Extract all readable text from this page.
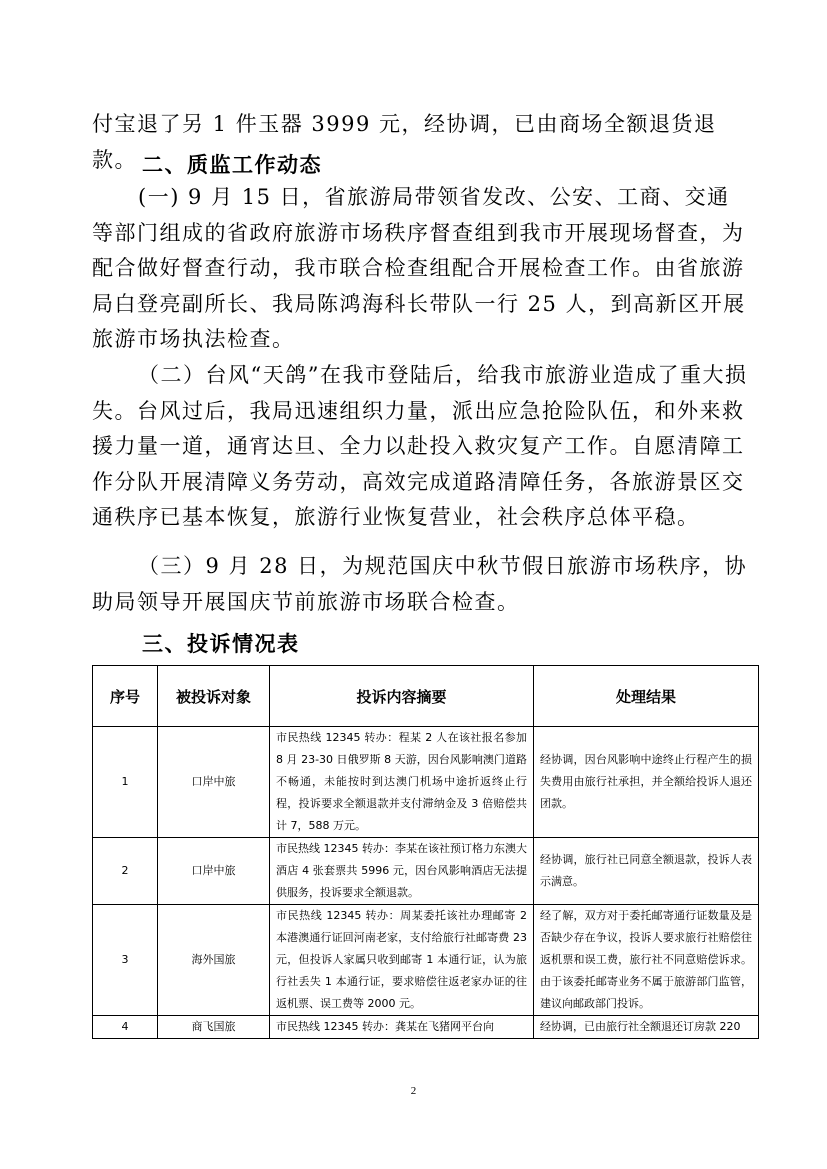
付宝退了另 1 件玉器 3999 元，经协调，已由商场全额退货退款。 二、质监工作动态

(一) 9 月 15 日，省旅游局带领省发改、公安、工商、交通等部门组成的省政府旅游市场秩序督查组到我市开展现场督查，为配合做好督查行动，我市联合检查组配合开展检查工作。由省旅游局白登亮副所长、我局陈鸿海科长带队一行 25 人，到高新区开展旅游市场执法检查。

（二）台风“天鸽”在我市登陆后，给我市旅游业造成了重大损失。台风过后，我局迅速组织力量，派出应急抢险队伍，和外来救援力量一道，通宵达旦、全力以赴投入救灾复产工作。自愿清障工作分队开展清障义务劳动，高效完成道路清障任务，各旅游景区交通秩序已基本恢复，旅游行业恢复营业，社会秩序总体平稳。

（三）9 月 28 日，为规范国庆中秋节假日旅游市场秩序，协助局领导开展国庆节前旅游市场联合检查。

三、投诉情况表
序号	被投诉对象	投诉内容摘要	处理结果
1	口岸中旅	市民热线 12345 转办：程某 2 人在该社报名参加 8 月 23-30 日俄罗斯 8 天游，因台风影响澳门道路不畅通，未能按时到达澳门机场中途折返终止行程，投诉要求全额退款并支付滞纳金及 3 倍赔偿共计 7，588 万元。	经协调，因台风影响中途终止行程产生的损失费用由旅行社承担，并全额给投诉人退还团款。
2	口岸中旅	市民热线 12345 转办：李某在该社预订格力东澳大酒店 4 张套票共 5996 元，因台风影响酒店无法提供服务，投诉要求全额退款。	经协调，旅行社已同意全额退款，投诉人表示满意。
3	海外国旅	市民热线 12345 转办：周某委托该社办理邮寄 2 本港澳通行证回河南老家，支付给旅行社邮寄费 23 元，但投诉人家属只收到邮寄 1 本通行证，认为旅行社丢失 1 本通行证，要求赔偿往返老家办证的往返机票、误工费等 2000 元。	经了解，双方对于委托邮寄通行证数量及是否缺少存在争议，投诉人要求旅行社赔偿往返机票和误工费，旅行社不同意赔偿诉求。由于该委托邮寄业务不属于旅游部门监管，建议向邮政部门投诉。
4	商飞国旅	市民热线 12345 转办：龚某在飞猪网平台向	经协调，已由旅行社全额退还订房款 220
2
